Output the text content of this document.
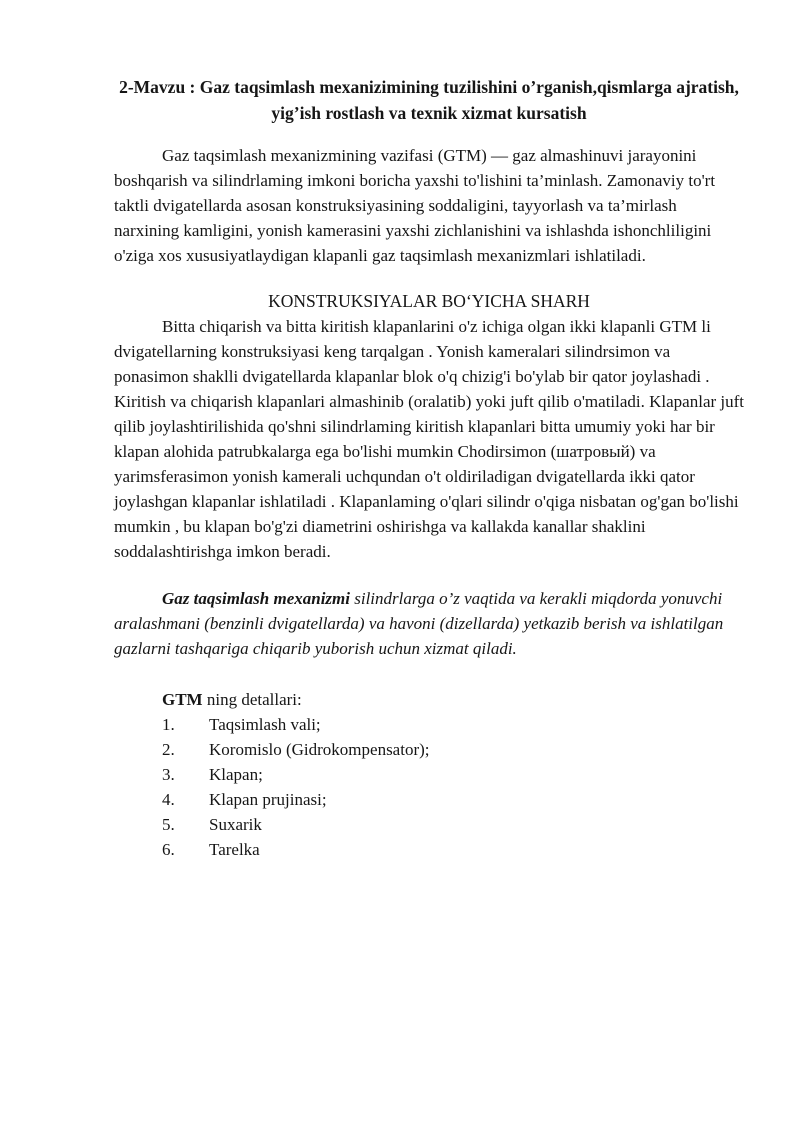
2-Mavzu : Gaz taqsimlash mexanizimining tuzilishini o’rganish,qismlarga ajratish, yig’ish rostlash va texnik xizmat kursatish

Gaz taqsimlash mexanizmining vazifasi (GTM) — gaz almashinuvi jarayonini boshqarish va silindrlaming imkoni boricha yaxshi to'lishini ta’minlash. Zamonaviy to'rt taktli dvigatellarda asosan konstruksiyasining soddaligini, tayyorlash va ta’mirlash narxining kamligini, yonish kamerasini yaxshi zichlanishini va ishlashda ishonchliligini o'ziga xos xususiyatlaydigan klapanli gaz taqsimlash mexanizmlari ishlatiladi.

KONSTRUKSIYALAR BO‘YICHA SHARH

Bitta chiqarish va bitta kiritish klapanlarini o'z ichiga olgan ikki klapanli GTM li dvigatellarning konstruksiyasi keng tarqalgan . Yonish kameralari silindrsimon va ponasimon shaklli dvigatellarda klapanlar blok o'q chizig'i bo'ylab bir qator joylashadi . Kiritish va chiqarish klapanlari almashinib (oralatib) yoki juft qilib o'matiladi. Klapanlar juft qilib joylashtirilishida qo'shni silindrlaming kiritish klapanlari bitta umumiy yoki har bir klapan alohida patrubkalarga ega bo'lishi mumkin Chodirsimon (шатровый) va yarimsferasimon yonish kamerali uchqundan o't oldiriladigan dvigatellarda ikki qator joylashgan klapanlar ishlatiladi . Klapanlaming o'qlari silindr o'qiga nisbatan og'gan bo'lishi mumkin , bu klapan bo'g'zi diametrini oshirishga va kallakda kanallar shaklini soddalashtirishga imkon beradi.

Gaz taqsimlash mexanizmi silindrlarga o’z vaqtida va kerakli miqdorda yonuvchi aralashmani (benzinli dvigatellarda) va havoni (dizellarda) yetkazib berish va ishlatilgan gazlarni tashqariga chiqarib yuborish uchun xizmat qiladi.

GTM ning detallari:

1.	Taqsimlash vali;
2.	Koromislo (Gidrokompensator);
3.	Klapan;
4.	Klapan prujinasi;
5.	Suxarik
6.	Tarelka
